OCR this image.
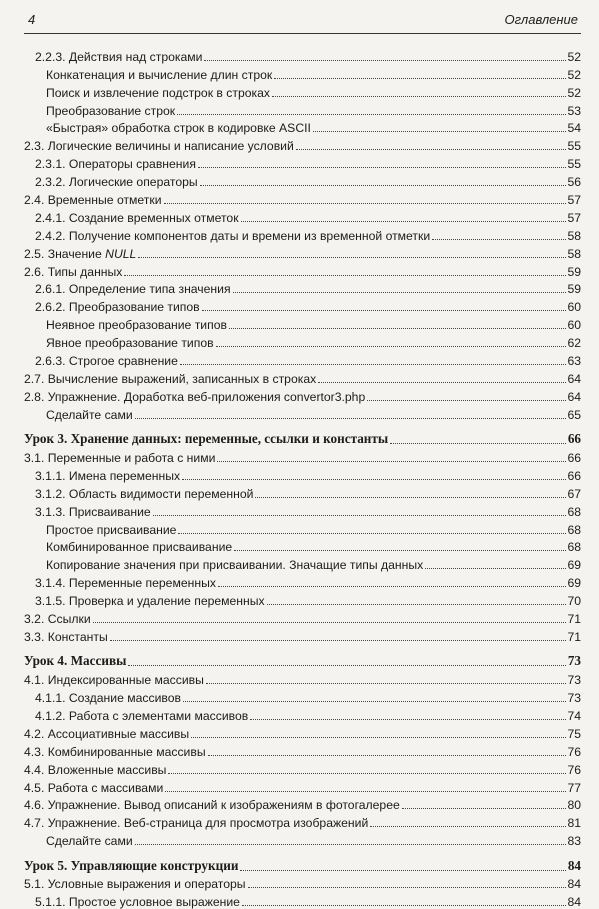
4	Оглавление
2.2.3. Действия над строками	52
Конкатенация и вычисление длин строк	52
Поиск и извлечение подстрок в строках	52
Преобразование строк	53
«Быстрая» обработка строк в кодировке ASCII	54
2.3. Логические величины и написание условий	55
2.3.1. Операторы сравнения	55
2.3.2. Логические операторы	56
2.4. Временные отметки	57
2.4.1. Создание временных отметок	57
2.4.2. Получение компонентов даты и времени из временной отметки	58
2.5. Значение NULL	58
2.6. Типы данных	59
2.6.1. Определение типа значения	59
2.6.2. Преобразование типов	60
Неявное преобразование типов	60
Явное преобразование типов	62
2.6.3. Строгое сравнение	63
2.7. Вычисление выражений, записанных в строках	64
2.8. Упражнение. Доработка веб-приложения convertor3.php	64
Сделайте сами	65
Урок 3. Хранение данных: переменные, ссылки и константы	66
3.1. Переменные и работа с ними	66
3.1.1. Имена переменных	66
3.1.2. Область видимости переменной	67
3.1.3. Присваивание	68
Простое присваивание	68
Комбинированное присваивание	68
Копирование значения при присваивании. Значащие типы данных	69
3.1.4. Переменные переменных	69
3.1.5. Проверка и удаление переменных	70
3.2. Ссылки	71
3.3. Константы	71
Урок 4. Массивы	73
4.1. Индексированные массивы	73
4.1.1. Создание массивов	73
4.1.2. Работа с элементами массивов	74
4.2. Ассоциативные массивы	75
4.3. Комбинированные массивы	76
4.4. Вложенные массивы	76
4.5. Работа с массивами	77
4.6. Упражнение. Вывод описаний к изображениям в фотогалерее	80
4.7. Упражнение. Веб-страница для просмотра изображений	81
Сделайте сами	83
Урок 5. Управляющие конструкции	84
5.1. Условные выражения и операторы	84
5.1.1. Простое условное выражение	84
